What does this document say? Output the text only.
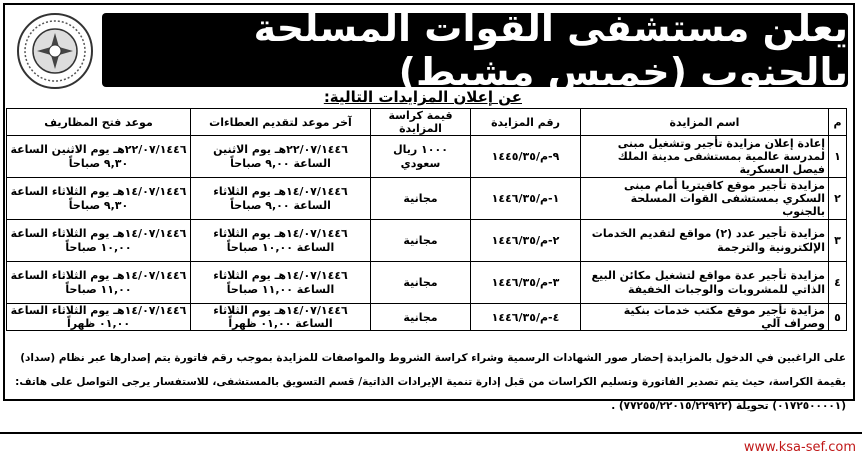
يعلن مستشفى القوات المسلحة بالجنوب (خميس مشيط)
عن إعلان المزايدات التالية:
م	اسم المزايدة	رقم المزايدة	قيمة كراسة المزايدة	آخر موعد لتقديم العطاءات	موعد فتح المظاريف
١	إعادة إعلان مزايدة تأجير وتشغيل مبنى لمدرسة عالمية بمستشفى مدينة الملك فيصل العسكرية	٩-م/١٤٤٥/٣٥	١٠٠٠ ريال سعودي	٢٢/٠٧/١٤٤٦هـ يوم الاثنين الساعة ٩,٠٠ صباحاً	٢٢/٠٧/١٤٤٦هـ يوم الاثنين الساعة ٩,٣٠ صباحاً
٢	مزايدة تأجير موقع كافيتريا أمام مبنى السكري بمستشفى القوات المسلحة بالجنوب	١-م/١٤٤٦/٣٥	مجانية	١٤/٠٧/١٤٤٦هـ يوم الثلاثاء الساعة ٩,٠٠ صباحاً	١٤/٠٧/١٤٤٦هـ يوم الثلاثاء الساعة ٩,٣٠ صباحاً
٣	مزايدة تأجير عدد (٢) مواقع لتقديم الخدمات الإلكترونية والترجمة	٢-م/١٤٤٦/٣٥	مجانية	١٤/٠٧/١٤٤٦هـ يوم الثلاثاء الساعة ١٠,٠٠ صباحاً	١٤/٠٧/١٤٤٦هـ يوم الثلاثاء الساعة ١٠,٠٠ صباحاً
٤	مزايدة تأجير عدة مواقع لتشغيل مكائن البيع الذاتي للمشروبات والوجبات الخفيفة	٣-م/١٤٤٦/٣٥	مجانية	١٤/٠٧/١٤٤٦هـ يوم الثلاثاء الساعة ١١,٠٠ صباحاً	١٤/٠٧/١٤٤٦هـ يوم الثلاثاء الساعة ١١,٠٠ صباحاً
٥	مزايدة تأجير موقع مكتب خدمات بنكية وصراف آلي	٤-م/١٤٤٦/٣٥	مجانية	١٤/٠٧/١٤٤٦هـ يوم الثلاثاء الساعة ٠١,٠٠ ظهراً	١٤/٠٧/١٤٤٦هـ يوم الثلاثاء الساعة ٠١,٠٠ ظهراً
على الراغبين في الدخول بالمزايدة إحضار صور الشهادات الرسمية وشراء كراسة الشروط والمواصفات للمزايدة بموجب رقم فاتورة يتم إصدارها عبر نظام (سداد) بقيمة الكراسة، حيث يتم تصدير الفاتورة وتسليم الكراسات من قبل إدارة تنمية الإيرادات الذاتية/ قسم التسويق بالمستشفى، للاستفسار يرجى التواصل على هاتف: (٠١٧٢٥٠٠٠٠١) تحويلة (٧٧٢٥٥/٢٢٠١٥/٢٢٩٢٢) .
www.ksa-sef.com
